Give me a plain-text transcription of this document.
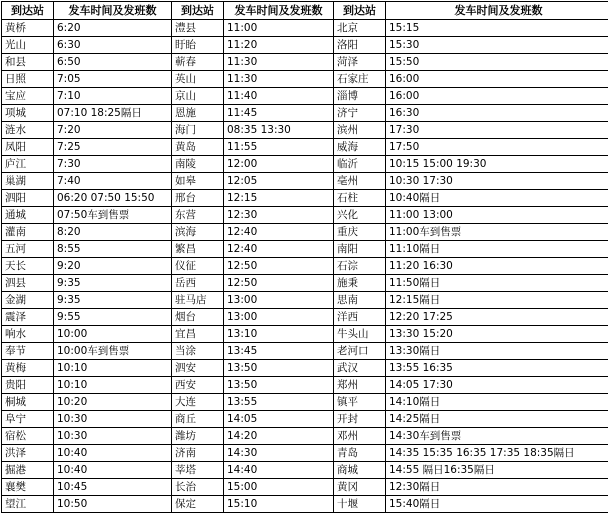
到达站	发车时间及发班数	到达站	发车时间及发班数	到达站	发车时间及发班数
黄桥	6:20	澧县	11:00	北京	15:15
光山	6:30	盱眙	11:20	洛阳	15:30
和县	6:50	蕲春	11:30	菏泽	15:50
日照	7:05	英山	11:30	石家庄	16:00
宝应	7:10	京山	11:40	淄博	16:00
项城	07:10 18:25隔日	恩施	11:45	济宁	16:30
涟水	7:20	海门	08:35 13:30	滨州	17:30
凤阳	7:25	黄岛	11:55	威海	17:50
庐江	7:30	南陵	12:00	临沂	10:15 15:00 19:30
巢湖	7:40	如皋	12:05	亳州	10:30 17:30
泗阳	06:20 07:50 15:50	邢台	12:15	石柱	10:40隔日
通城	07:50车到售票	东营	12:30	兴化	11:00 13:00
灌南	8:20	滨海	12:40	重庆	11:00车到售票
五河	8:55	繁昌	12:40	南阳	11:10隔日
天长	9:20	仪征	12:50	石淙	11:20 16:30
泗县	9:35	岳西	12:50	施秉	11:50隔日
金湖	9:35	驻马店	13:00	思南	12:15隔日
震泽	9:55	烟台	13:00	洋西	12:20 17:25
响水	10:00	宜昌	13:10	牛头山	13:30 15:20
奉节	10:00车到售票	当涂	13:45	老河口	13:30隔日
黄梅	10:10	泗安	13:50	武汉	13:55 16:35
贵阳	10:10	西安	13:50	郑州	14:05 17:30
桐城	10:20	大连	13:55	镇平	14:10隔日
阜宁	10:30	商丘	14:05	开封	14:25隔日
宿松	10:30	潍坊	14:20	邓州	14:30车到售票
洪泽	10:40	济南	14:30	青岛	14:35 15:35 16:35 17:35 18:35隔日
掘港	10:40	莘塔	14:40	商城	14:55 隔日16:35隔日
襄樊	10:45	长治	15:00	黄冈	12:30隔日
望江	10:50	保定	15:10	十堰	15:40隔日
